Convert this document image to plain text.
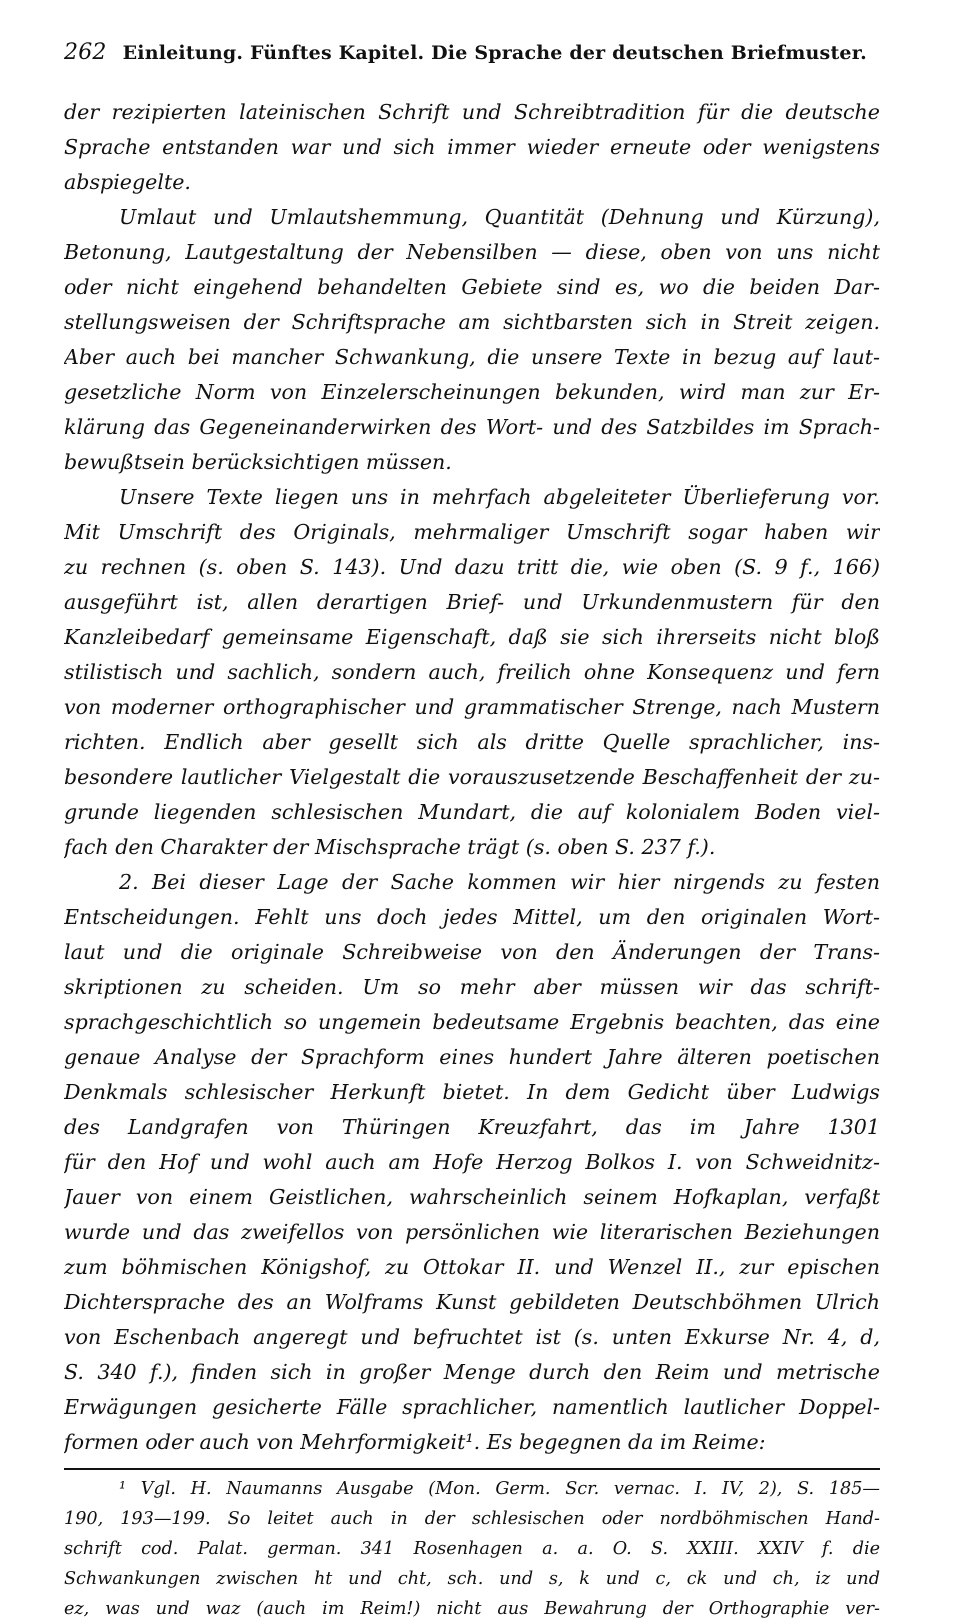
262 Einleitung. Fünftes Kapitel. Die Sprache der deutschen Briefmuster.
der rezipierten lateinischen Schrift und Schreibtradition für die deutsche
Sprache entstanden war und sich immer wieder erneute oder wenigstens
abspiegelte.
Umlaut und Umlautshemmung, Quantität (Dehnung und Kürzung),
Betonung, Lautgestaltung der Nebensilben — diese, oben von uns nicht
oder nicht eingehend behandelten Gebiete sind es, wo die beiden Dar-
stellungsweisen der Schriftsprache am sichtbarsten sich in Streit zeigen.
Aber auch bei mancher Schwankung, die unsere Texte in bezug auf laut-
gesetzliche Norm von Einzelerscheinungen bekunden, wird man zur Er-
klärung das Gegeneinanderwirken des Wort- und des Satzbildes im Sprach-
bewußtsein berücksichtigen müssen.
Unsere Texte liegen uns in mehrfach abgeleiteter Überlieferung vor.
Mit Umschrift des Originals, mehrmaliger Umschrift sogar haben wir
zu rechnen (s. oben S. 143). Und dazu tritt die, wie oben (S. 9 f., 166)
ausgeführt ist, allen derartigen Brief- und Urkundenmustern für den
Kanzleibedarf gemeinsame Eigenschaft, daß sie sich ihrerseits nicht bloß
stilistisch und sachlich, sondern auch, freilich ohne Konsequenz und fern
von moderner orthographischer und grammatischer Strenge, nach Mustern
richten. Endlich aber gesellt sich als dritte Quelle sprachlicher, ins-
besondere lautlicher Vielgestalt die vorauszusetzende Beschaffenheit der zu-
grunde liegenden schlesischen Mundart, die auf kolonialem Boden viel-
fach den Charakter der Mischsprache trägt (s. oben S. 237 f.).
2. Bei dieser Lage der Sache kommen wir hier nirgends zu festen
Entscheidungen. Fehlt uns doch jedes Mittel, um den originalen Wort-
laut und die originale Schreibweise von den Änderungen der Trans-
skriptionen zu scheiden. Um so mehr aber müssen wir das schrift-
sprachgeschichtlich so ungemein bedeutsame Ergebnis beachten, das eine
genaue Analyse der Sprachform eines hundert Jahre älteren poetischen
Denkmals schlesischer Herkunft bietet. In dem Gedicht über Ludwigs
des Landgrafen von Thüringen Kreuzfahrt, das im Jahre 1301
für den Hof und wohl auch am Hofe Herzog Bolkos I. von Schweidnitz-
Jauer von einem Geistlichen, wahrscheinlich seinem Hofkaplan, verfaßt
wurde und das zweifellos von persönlichen wie literarischen Beziehungen
zum böhmischen Königshof, zu Ottokar II. und Wenzel II., zur epischen
Dichtersprache des an Wolframs Kunst gebildeten Deutschböhmen Ulrich
von Eschenbach angeregt und befruchtet ist (s. unten Exkurse Nr. 4, d,
S. 340 f.), finden sich in großer Menge durch den Reim und metrische
Erwägungen gesicherte Fälle sprachlicher, namentlich lautlicher Doppel-
formen oder auch von Mehrformigkeit¹. Es begegnen da im Reime:
¹ Vgl. H. Naumanns Ausgabe (Mon. Germ. Scr. vernac. I. IV, 2), S. 185—
190, 193—199. So leitet auch in der schlesischen oder nordböhmischen Hand-
schrift cod. Palat. german. 341 Rosenhagen a. a. O. S. XXIII. XXIV f. die
Schwankungen zwischen ht und cht, sch. und s, k und c, ck und ch, iz und
ez, was und waz (auch im Reim!) nicht aus Bewahrung der Orthographie ver-
